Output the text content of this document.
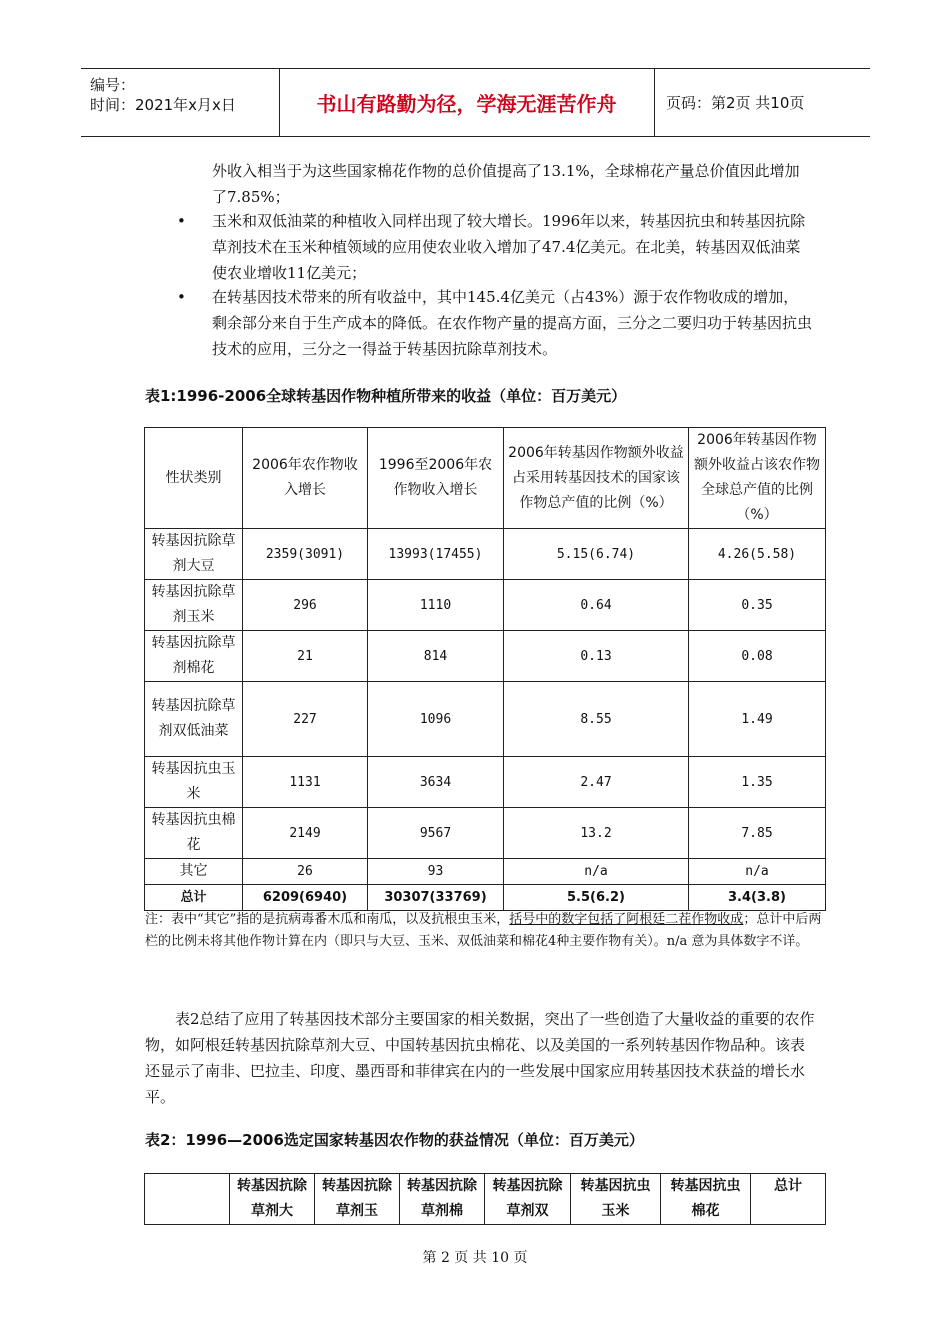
编号：
时间：2021年x月x日	书山有路勤为径，学海无涯苦作舟	页码：第2页 共10页
外收入相当于为这些国家棉花作物的总价值提高了13.1%，全球棉花产量总价值因此增加了7.85%；
• 玉米和双低油菜的种植收入同样出现了较大增长。1996年以来，转基因抗虫和转基因抗除草剂技术在玉米种植领域的应用使农业收入增加了47.4亿美元。在北美，转基因双低油菜使农业增收11亿美元；
• 在转基因技术带来的所有收益中，其中145.4亿美元（占43%）源于农作物收成的增加，剩余部分来自于生产成本的降低。在农作物产量的提高方面，三分之二要归功于转基因抗虫技术的应用，三分之一得益于转基因抗除草剂技术。
表1:1996-2006全球转基因作物种植所带来的收益（单位：百万美元）
性状类别	2006年农作物收入增长	1996至2006年农作物收入增长	2006年转基因作物额外收益占采用转基因技术的国家该作物总产值的比例（%）	2006年转基因作物额外收益占该农作物全球总产值的比例（%）
转基因抗除草剂大豆	2359(3091)	13993(17455)	5.15(6.74)	4.26(5.58)
转基因抗除草剂玉米	296	1110	0.64	0.35
转基因抗除草剂棉花	21	814	0.13	0.08
转基因抗除草剂双低油菜	227	1096	8.55	1.49
转基因抗虫玉米	1131	3634	2.47	1.35
转基因抗虫棉花	2149	9567	13.2	7.85
其它	26	93	n/a	n/a
总计	6209(6940)	30307(33769)	5.5(6.2)	3.4(3.8)
注：表中“其它”指的是抗病毒番木瓜和南瓜，以及抗根虫玉米，括号中的数字包括了阿根廷二茬作物收成；总计中后两栏的比例未将其他作物计算在内（即只与大豆、玉米、双低油菜和棉花4种主要作物有关）。n/a 意为具体数字不详。
表2总结了应用了转基因技术部分主要国家的相关数据，突出了一些创造了大量收益的重要的农作物，如阿根廷转基因抗除草剂大豆、中国转基因抗虫棉花、以及美国的一系列转基因作物品种。该表还显示了南非、巴拉圭、印度、墨西哥和菲律宾在内的一些发展中国家应用转基因技术获益的增长水平。
表2：1996—2006选定国家转基因农作物的获益情况（单位：百万美元）
	转基因抗除草剂大	转基因抗除草剂玉	转基因抗除草剂棉	转基因抗除草剂双	转基因抗虫玉米	转基因抗虫棉花	总计
第 2 页 共 10 页
